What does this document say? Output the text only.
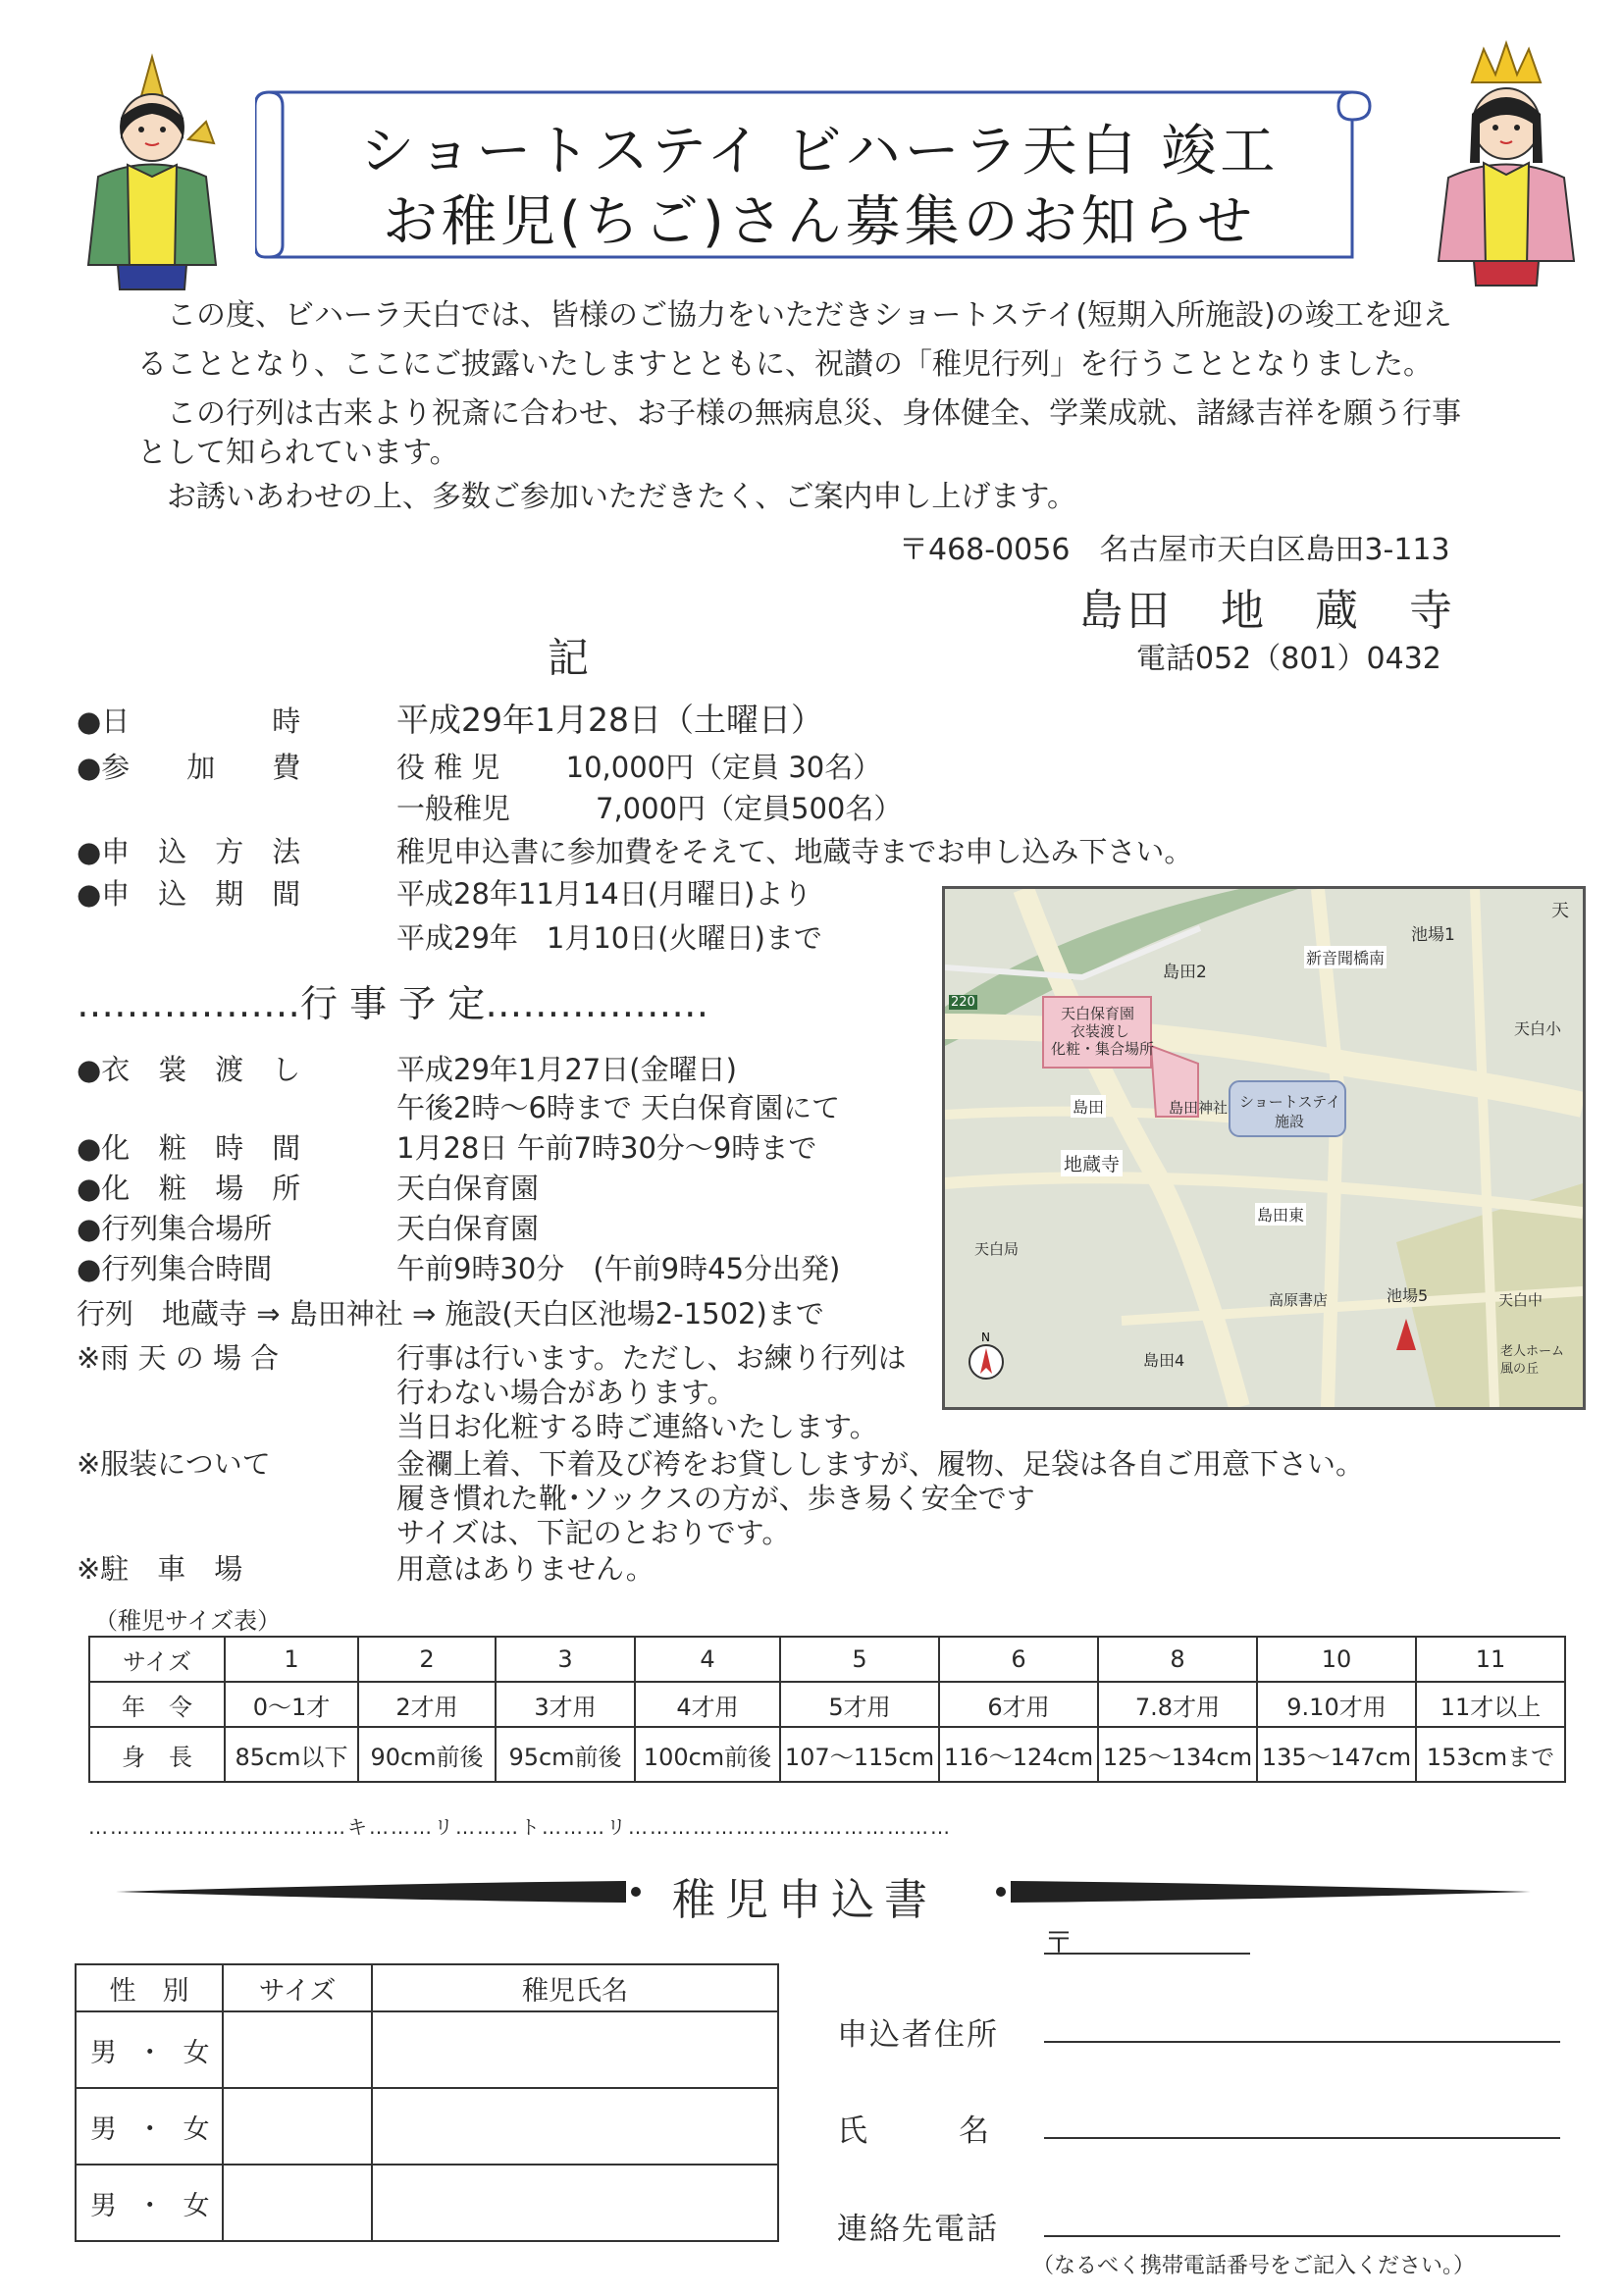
ショートステイ ビハーラ天白 竣工
お稚児(ちご)さん募集のお知らせ
　この度、ビハーラ天白では、皆様のご協力をいただきショートステイ(短期入所施設)の竣工を迎え
ることとなり、ここにご披露いたしますとともに、祝讃の「稚児行列」を行うこととなりました。
　この行列は古来より祝斎に合わせ、お子様の無病息災、身体健全、学業成就、諸縁吉祥を願う行事
として知られています。
　お誘いあわせの上、多数ご参加いただきたく、ご案内申し上げます。
〒468-0056　名古屋市天白区島田3-113
島田　地　蔵　寺
電話052（801）0432
記
●日　　　　　時	平成29年1月28日（土曜日）
●参　　加　　費	役 稚 児　　 10,000円（定員 30名）
一般稚児　　　7,000円（定員500名）
●申　込　方　法	稚児申込書に参加費をそえて、地蔵寺までお申し込み下さい。
●申　込　期　間	平成28年11月14日(月曜日)より
平成29年　1月10日(火曜日)まで
………………行 事 予 定………………
●衣　裳　渡　し	平成29年1月27日(金曜日)
午後2時～6時まで 天白保育園にて
●化　粧　時　間	1月28日 午前7時30分～9時まで
●化　粧　場　所	天白保育園
●行列集合場所	天白保育園
●行列集合時間	午前9時30分　(午前9時45分出発)
行列　地蔵寺 ⇒ 島田神社 ⇒ 施設(天白区池場2-1502)まで
※雨 天 の 場 合	行事は行います。ただし、お練り行列は
行わない場合があります。
当日お化粧する時ご連絡いたします。
※服装について	金襴上着、下着及び袴をお貸ししますが、履物、足袋は各自ご用意下さい。
履き慣れた靴･ソックスの方が、歩き易く安全です
サイズは、下記のとおりです。
※駐　車　場	用意はありません。
天
池場1
新音聞橋南
島田2
天白小
天白保育園
衣装渡し
化粧・集合場所
島田	島田神社 ショートステイ
施設
地蔵寺
島田東
天白局
高原書店	池場5	天白中
島田4	老人ホーム
風の丘
220
N
（稚児サイズ表）
サイズ	1	2	3	4	5	6	8	10	11
年　令	0～1才	2才用	3才用	4才用	5才用	6才用	7.8才用	9.10才用	11才以上
身　長	85cm以下	90cm前後	95cm前後	100cm前後	107～115cm	116～124cm	125～134cm	135～147cm	153cmまで
………………………………キ………リ………ト………リ………………………………………
稚児申込書
性　別	サイズ	稚児氏名
男　･　女		
男　･　女		
男　･　女		
〒
申込者住所
氏　　　名
連絡先電話
（なるべく携帯電話番号をご記入ください。）
